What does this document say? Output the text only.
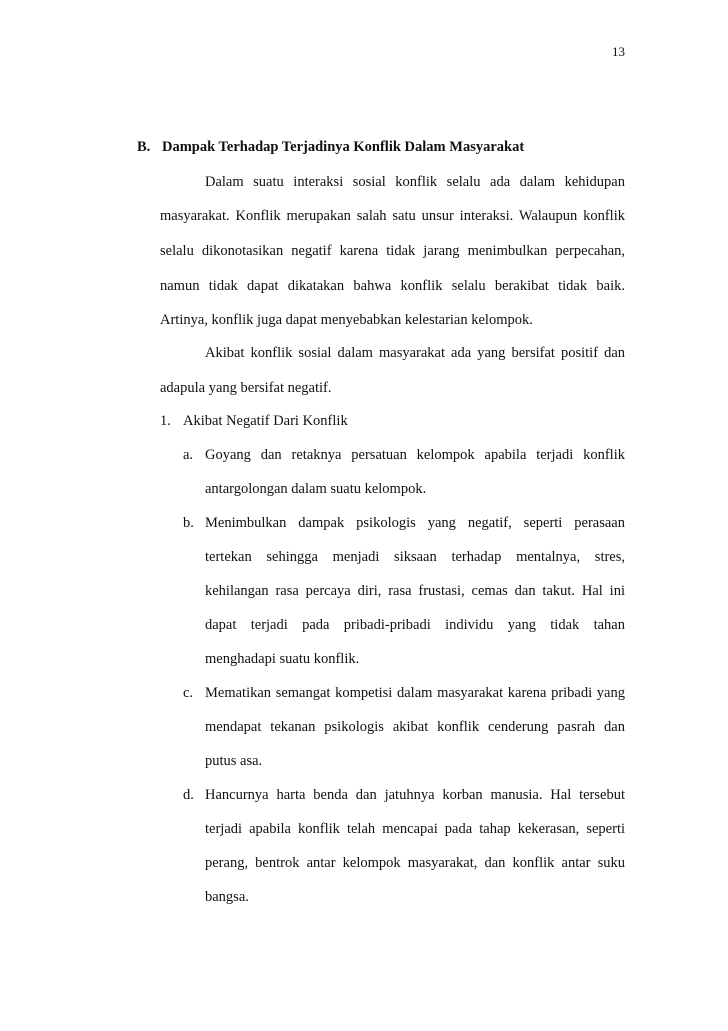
13
B. Dampak Terhadap Terjadinya Konflik Dalam Masyarakat
Dalam suatu interaksi sosial konflik selalu ada dalam kehidupan
masyarakat. Konflik merupakan salah satu unsur interaksi. Walaupun konflik
selalu dikonotasikan negatif karena tidak jarang menimbulkan perpecahan,
namun tidak dapat dikatakan bahwa konflik selalu berakibat tidak baik.
Artinya, konflik juga dapat menyebabkan kelestarian kelompok.
Akibat konflik sosial dalam masyarakat ada yang bersifat positif dan
adapula yang bersifat negatif.
1. Akibat Negatif Dari Konflik
a. Goyang dan retaknya persatuan kelompok apabila terjadi konflik
antargolongan dalam suatu kelompok.
b. Menimbulkan dampak psikologis yang negatif, seperti perasaan
tertekan sehingga menjadi siksaan terhadap mentalnya, stres,
kehilangan rasa percaya diri, rasa frustasi, cemas dan takut. Hal ini
dapat terjadi pada pribadi-pribadi individu yang tidak tahan
menghadapi suatu konflik.
c. Mematikan semangat kompetisi dalam masyarakat karena pribadi yang
mendapat tekanan psikologis akibat konflik cenderung pasrah dan
putus asa.
d. Hancurnya harta benda dan jatuhnya korban manusia. Hal tersebut
terjadi apabila konflik telah mencapai pada tahap kekerasan, seperti
perang, bentrok antar kelompok masyarakat, dan konflik antar suku
bangsa.
